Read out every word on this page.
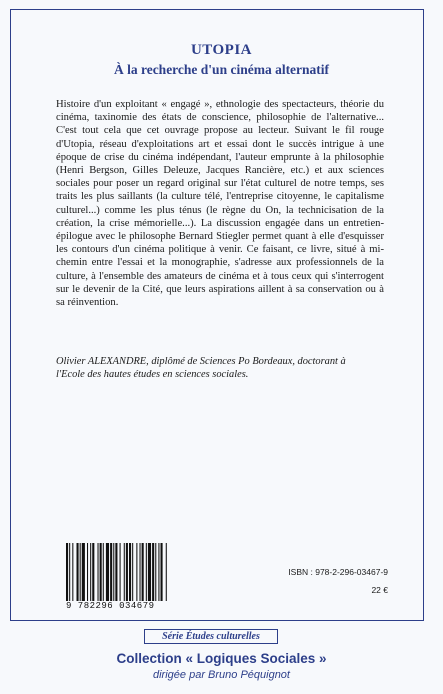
UTOPIA
À la recherche d'un cinéma alternatif
Histoire d'un exploitant « engagé », ethnologie des spectacteurs, théorie du cinéma, taxinomie des états de conscience, philosophie de l'alternative... C'est tout cela que cet ouvrage propose au lecteur. Suivant le fil rouge d'Utopia, réseau d'exploitations art et essai dont le succès intrigue à une époque de crise du cinéma indépendant, l'auteur emprunte à la philosophie (Henri Bergson, Gilles Deleuze, Jacques Rancière, etc.) et aux sciences sociales pour poser un regard original sur l'état culturel de notre temps, ses traits les plus saillants (la culture télé, l'entreprise citoyenne, le capitalisme culturel...) comme les plus ténus (le règne du On, la technicisation de la création, la crise mémorielle...). La discussion engagée dans un entretien-épilogue avec le philosophe Bernard Stiegler permet quant à elle d'esquisser les contours d'un cinéma politique à venir. Ce faisant, ce livre, situé à mi-chemin entre l'essai et la monographie, s'adresse aux professionnels de la culture, à l'ensemble des amateurs de cinéma et à tous ceux qui s'interrogent sur le devenir de la Cité, que leurs aspirations aillent à sa conservation ou à sa réinvention.
Olivier ALEXANDRE, diplômé de Sciences Po Bordeaux, doctorant à l'Ecole des hautes études en sciences sociales.
9 782296 034679
ISBN : 978-2-296-03467-9
22 €
Série Études culturelles
Collection « Logiques Sociales »
dirigée par Bruno Péquignot
